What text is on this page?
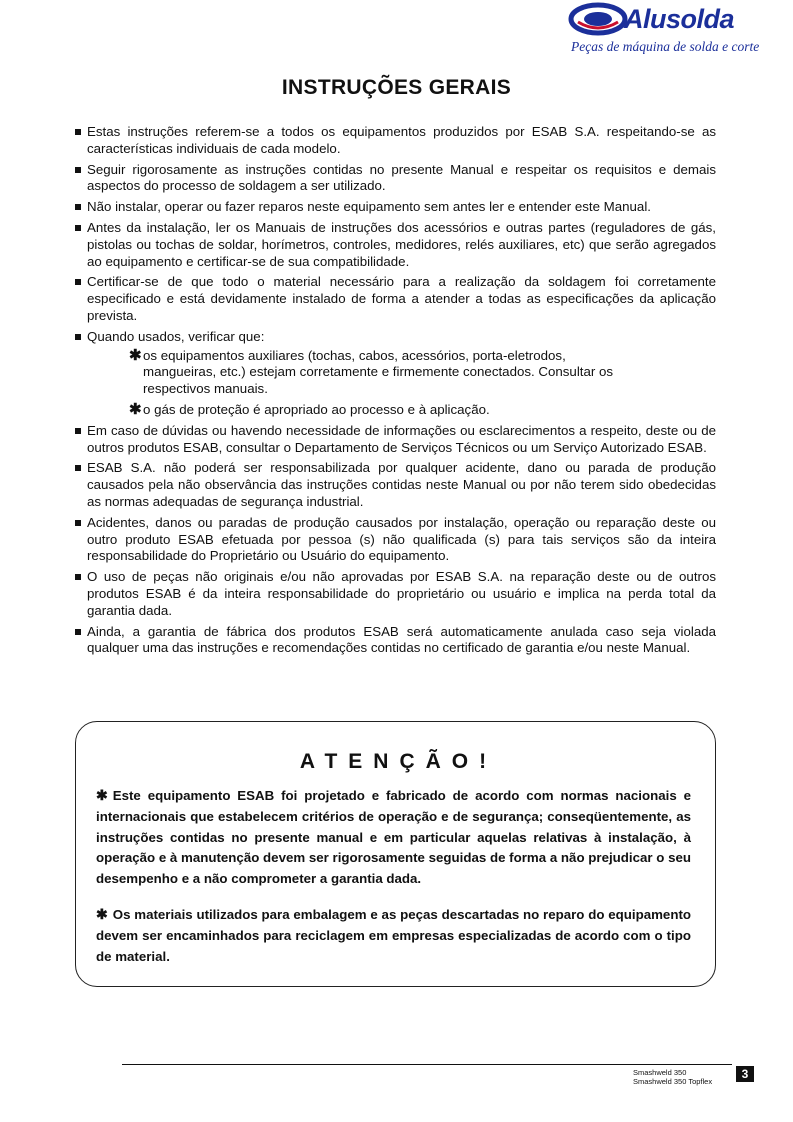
Alusolda
Peças de máquina de solda e corte
INSTRUÇÕES GERAIS
Estas instruções referem-se a todos os equipamentos produzidos por ESAB S.A. respeitando-se as características individuais de cada modelo.
Seguir rigorosamente as instruções contidas no presente Manual e respeitar os requisitos e demais aspectos do processo de soldagem a ser utilizado.
Não instalar, operar ou fazer reparos neste equipamento sem antes ler e entender este Manual.
Antes da instalação, ler os Manuais de instruções dos acessórios e outras partes (reguladores de gás, pistolas ou tochas de soldar, horímetros, controles, medidores, relés auxiliares, etc) que serão agregados ao equipamento e certificar-se de sua compatibilidade.
Certificar-se de que todo o material necessário para a realização da soldagem foi corretamente especificado e está devidamente instalado de forma a atender a todas as especificações da aplicação prevista.
Quando usados, verificar que:
✱ os equipamentos auxiliares (tochas, cabos, acessórios, porta-eletrodos, mangueiras, etc.) estejam corretamente e firmemente conectados. Consultar os respectivos manuais.
✱ o gás de proteção é apropriado ao processo e à aplicação.
Em caso de dúvidas ou havendo necessidade de informações ou esclarecimentos a respeito, deste ou de outros produtos ESAB, consultar o Departamento de Serviços Técnicos ou um Serviço Autorizado ESAB.
ESAB S.A. não poderá ser responsabilizada por qualquer acidente, dano ou parada de produção causados pela não observância das instruções contidas neste Manual ou por não terem sido obedecidas as normas adequadas de segurança industrial.
Acidentes, danos ou paradas de produção causados por instalação, operação ou reparação deste ou outro produto ESAB efetuada por pessoa (s) não qualificada (s) para tais serviços são da inteira responsabilidade do Proprietário ou Usuário do equipamento.
O uso de peças não originais e/ou não aprovadas por ESAB S.A. na reparação deste ou de outros produtos ESAB é da inteira responsabilidade do proprietário ou usuário e implica na perda total da garantia dada.
Ainda, a garantia de fábrica dos produtos ESAB será automaticamente anulada caso seja violada qualquer uma das instruções e recomendações contidas no certificado de garantia e/ou neste Manual.
ATENÇÃO!

✱ Este equipamento ESAB foi projetado e fabricado de acordo com normas nacionais e internacionais que estabelecem critérios de operação e de segurança; conseqüentemente, as instruções contidas no presente manual e em particular aquelas relativas à instalação, à operação e à manutenção devem ser rigorosamente seguidas de forma a não prejudicar o seu desempenho e a não comprometer a garantia dada.

✱ Os materiais utilizados para embalagem e as peças descartadas no reparo do equipamento devem ser encaminhados para reciclagem em empresas especializadas de acordo com o tipo de material.

Smashweld 350
Smashweld 350 Topflex
3
